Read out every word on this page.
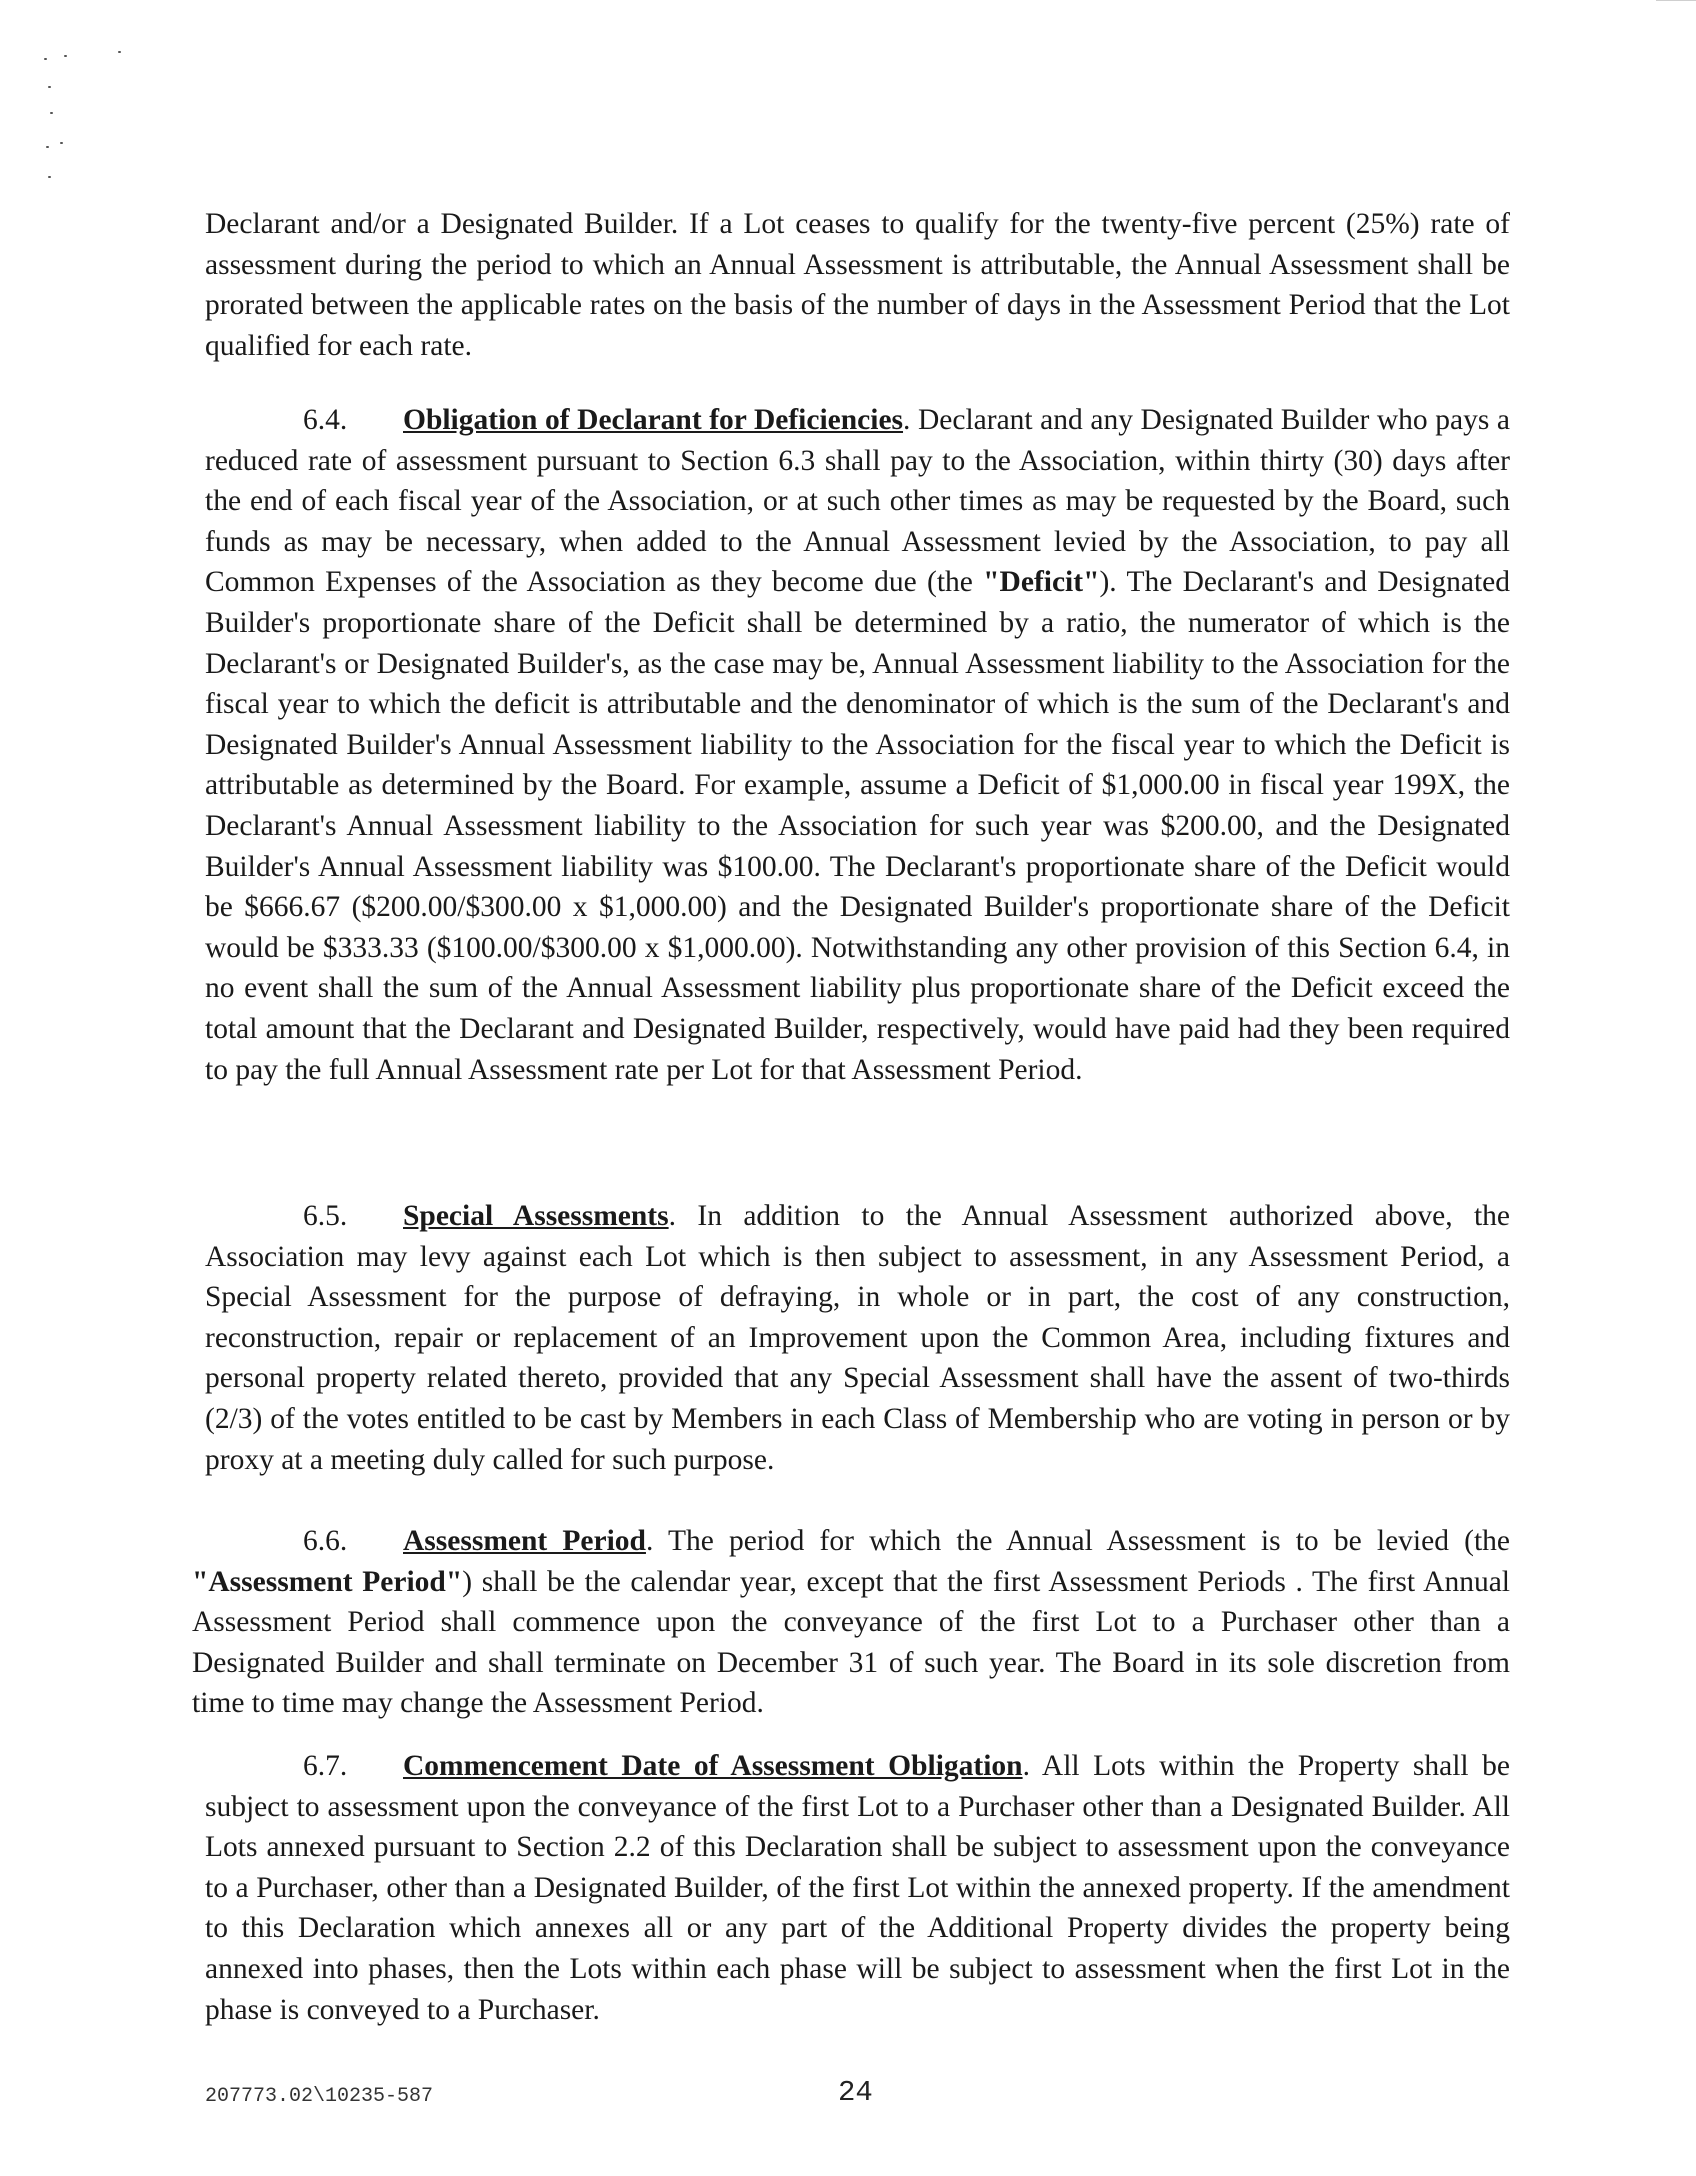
Declarant and/or a Designated Builder. If a Lot ceases to qualify for the twenty-five percent (25%) rate of assessment during the period to which an Annual Assessment is attributable, the Annual Assessment shall be prorated between the applicable rates on the basis of the number of days in the Assessment Period that the Lot qualified for each rate.

6.4. Obligation of Declarant for Deficiencies. Declarant and any Designated Builder who pays a reduced rate of assessment pursuant to Section 6.3 shall pay to the Association, within thirty (30) days after the end of each fiscal year of the Association, or at such other times as may be requested by the Board, such funds as may be necessary, when added to the Annual Assessment levied by the Association, to pay all Common Expenses of the Association as they become due (the "Deficit"). The Declarant's and Designated Builder's proportionate share of the Deficit shall be determined by a ratio, the numerator of which is the Declarant's or Designated Builder's, as the case may be, Annual Assessment liability to the Association for the fiscal year to which the deficit is attributable and the denominator of which is the sum of the Declarant's and Designated Builder's Annual Assessment liability to the Association for the fiscal year to which the Deficit is attributable as determined by the Board. For example, assume a Deficit of $1,000.00 in fiscal year 199X, the Declarant's Annual Assessment liability to the Association for such year was $200.00, and the Designated Builder's Annual Assessment liability was $100.00. The Declarant's proportionate share of the Deficit would be $666.67 ($200.00/$300.00 x $1,000.00) and the Designated Builder's proportionate share of the Deficit would be $333.33 ($100.00/$300.00 x $1,000.00). Notwithstanding any other provision of this Section 6.4, in no event shall the sum of the Annual Assessment liability plus proportionate share of the Deficit exceed the total amount that the Declarant and Designated Builder, respectively, would have paid had they been required to pay the full Annual Assessment rate per Lot for that Assessment Period.

6.5. Special Assessments. In addition to the Annual Assessment authorized above, the Association may levy against each Lot which is then subject to assessment, in any Assessment Period, a Special Assessment for the purpose of defraying, in whole or in part, the cost of any construction, reconstruction, repair or replacement of an Improvement upon the Common Area, including fixtures and personal property related thereto, provided that any Special Assessment shall have the assent of two-thirds (2/3) of the votes entitled to be cast by Members in each Class of Membership who are voting in person or by proxy at a meeting duly called for such purpose.

6.6. Assessment Period. The period for which the Annual Assessment is to be levied (the "Assessment Period") shall be the calendar year, except that the first Assessment Periods . The first Annual Assessment Period shall commence upon the conveyance of the first Lot to a Purchaser other than a Designated Builder and shall terminate on December 31 of such year. The Board in its sole discretion from time to time may change the Assessment Period.

6.7. Commencement Date of Assessment Obligation. All Lots within the Property shall be subject to assessment upon the conveyance of the first Lot to a Purchaser other than a Designated Builder. All Lots annexed pursuant to Section 2.2 of this Declaration shall be subject to assessment upon the conveyance to a Purchaser, other than a Designated Builder, of the first Lot within the annexed property. If the amendment to this Declaration which annexes all or any part of the Additional Property divides the property being annexed into phases, then the Lots within each phase will be subject to assessment when the first Lot in the phase is conveyed to a Purchaser.

207773.02\10235-587	24
